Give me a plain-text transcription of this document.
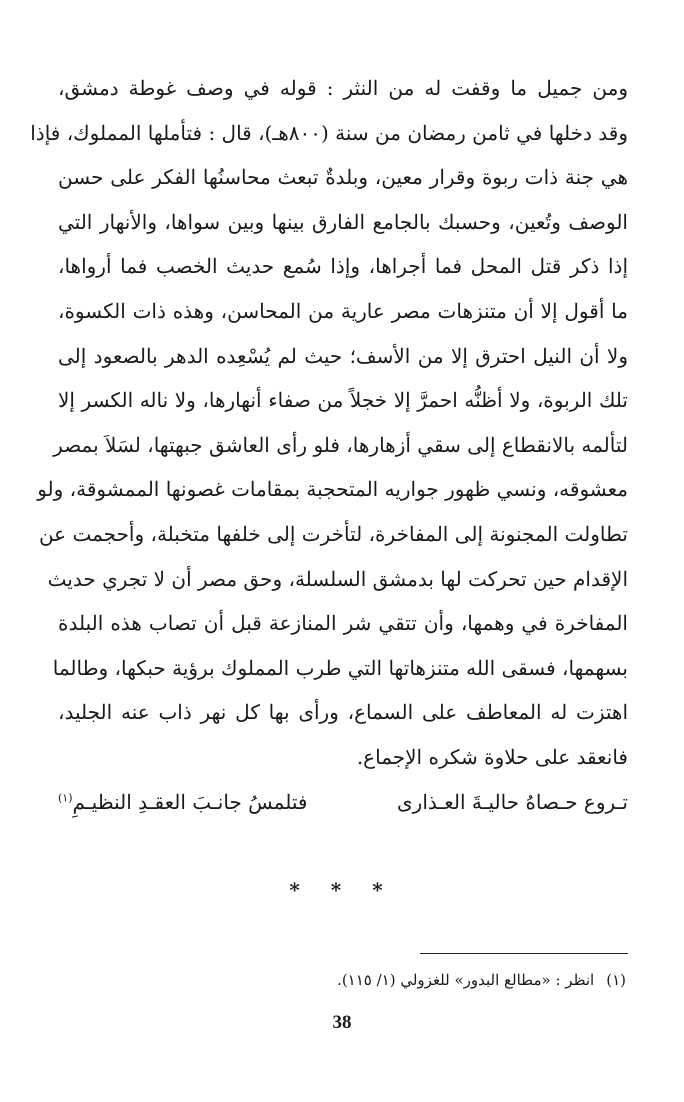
ومن جميل ما وقفت له من النثر : قوله في وصف غوطة دمشق،
وقد دخلها في ثامن رمضان من سنة (٨٠٠هـ)، قال : فتأملها المملوك، فإذا
هي جنة ذات ربوة وقرار معين، وبلدةٌ تبعث محاسنُها الفكر على حسن
الوصف وتُعين، وحسبك بالجامع الفارق بينها وبين سواها، والأنهار التي
إذا ذكر قتل المحل فما أجراها، وإذا سُمع حديث الخصب فما أرواها،
ما أقول إلا أن متنزهات مصر عارية من المحاسن، وهذه ذات الكسوة،
ولا أن النيل احترق إلا من الأسف؛ حيث لم يُسْعِده الدهر بالصعود إلى
تلك الربوة، ولا أظنُّه احمرَّ إلا خجلاً من صفاء أنهارها، ولا ناله الكسر إلا
لتألمه بالانقطاع إلى سقي أزهارها، فلو رأى العاشق جبهتها، لسَلاَ بمصر
معشوقه، ونسي ظهور جواريه المتحجبة بمقامات غصونها الممشوقة، ولو
تطاولت المجنونة إلى المفاخرة، لتأخرت إلى خلفها متخبلة، وأحجمت عن
الإقدام حين تحركت لها بدمشق السلسلة، وحق مصر أن لا تجري حديث
المفاخرة في وهمها، وأن تتقي شر المنازعة قبل أن تصاب هذه البلدة
بسهمها، فسقى الله متنزهاتها التي طرب المملوك برؤية حبكها، وطالما
اهتزت له المعاطف على السماع، ورأى بها كل نهر ذاب عنه الجليد،
فانعقد على حلاوة شكره الإجماع.
تـروع حـصاهُ حاليـةَ العـذارى
فتلمسُ جانـبَ العقـدِ النظيـمِ$^{(١)}$
* * *
(١)انظر : «مطالع البدور» للغزولي (١/ ١١٥).
38
